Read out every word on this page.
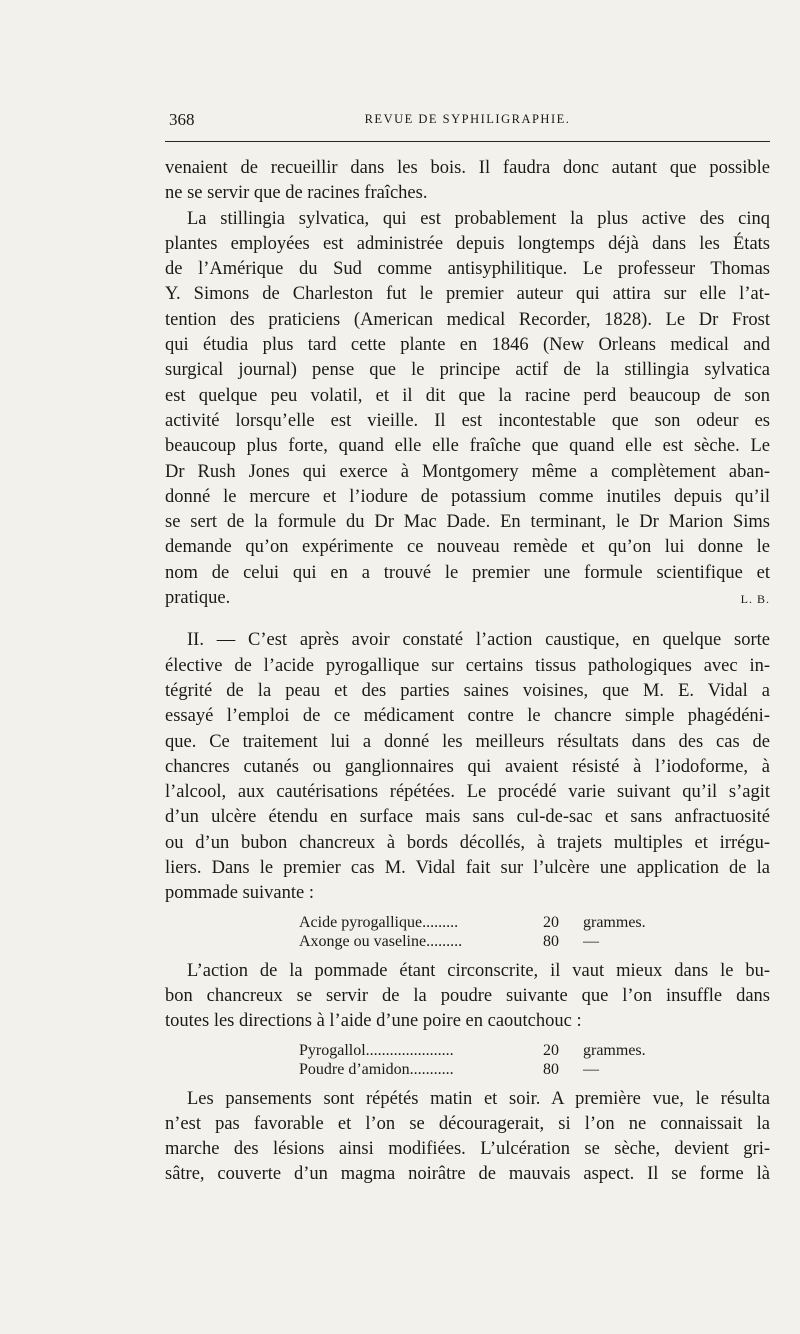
368	REVUE DE SYPHILIGRAPHIE.
venaient de recueillir dans les bois. Il faudra donc autant que possible
ne se servir que de racines fraîches.
La stillingia sylvatica, qui est probablement la plus active des cinq
plantes employées est administrée depuis longtemps déjà dans les États
de l’Amérique du Sud comme antisyphilitique. Le professeur Thomas
Y. Simons de Charleston fut le premier auteur qui attira sur elle l’at-
tention des praticiens (American medical Recorder, 1828). Le Dr Frost
qui étudia plus tard cette plante en 1846 (New Orleans medical and
surgical journal) pense que le principe actif de la stillingia sylvatica
est quelque peu volatil, et il dit que la racine perd beaucoup de son
activité lorsqu’elle est vieille. Il est incontestable que son odeur es
beaucoup plus forte, quand elle elle fraîche que quand elle est sèche. Le
Dr Rush Jones qui exerce à Montgomery même a complètement aban-
donné le mercure et l’iodure de potassium comme inutiles depuis qu’il
se sert de la formule du Dr Mac Dade. En terminant, le Dr Marion Sims
demande qu’on expérimente ce nouveau remède et qu’on lui donne le
nom de celui qui en a trouvé le premier une formule scientifique et
pratique.	L. B.
II. — C’est après avoir constaté l’action caustique, en quelque sorte
élective de l’acide pyrogallique sur certains tissus pathologiques avec in-
tégrité de la peau et des parties saines voisines, que M. E. Vidal a
essayé l’emploi de ce médicament contre le chancre simple phagédéni-
que. Ce traitement lui a donné les meilleurs résultats dans des cas de
chancres cutanés ou ganglionnaires qui avaient résisté à l’iodoforme, à
l’alcool, aux cautérisations répétées. Le procédé varie suivant qu’il s’agit
d’un ulcère étendu en surface mais sans cul-de-sac et sans anfractuosité
ou d’un bubon chancreux à bords décollés, à trajets multiples et irrégu-
liers. Dans le premier cas M. Vidal fait sur l’ulcère une application de la
pommade suivante :
Acide pyrogallique.........	20	grammes.
Axonge ou vaseline.........	80	—
L’action de la pommade étant circonscrite, il vaut mieux dans le bu-
bon chancreux se servir de la poudre suivante que l’on insuffle dans
toutes les directions à l’aide d’une poire en caoutchouc :
Pyrogallol......................	20	grammes.
Poudre d’amidon...........	80	—
Les pansements sont répétés matin et soir. A première vue, le résulta
n’est pas favorable et l’on se découragerait, si l’on ne connaissait la
marche des lésions ainsi modifiées. L’ulcération se sèche, devient gri-
sâtre, couverte d’un magma noirâtre de mauvais aspect. Il se forme là
